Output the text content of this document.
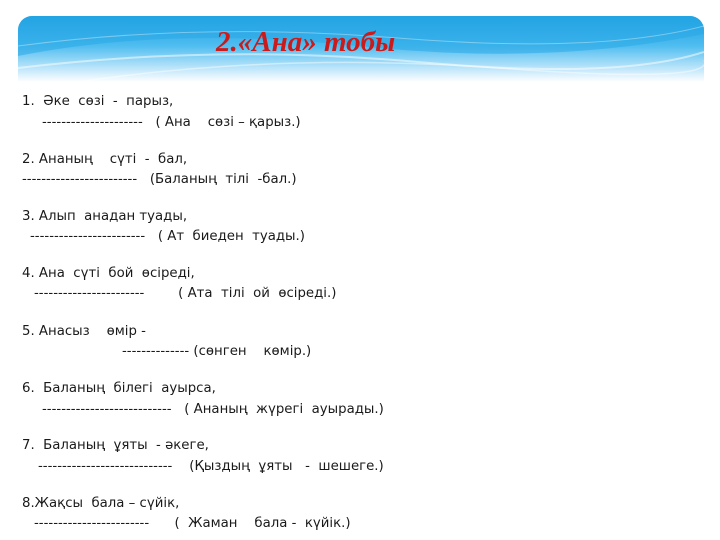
2.«Ана» тобы
1.  Әке  сөзі  -  парыз,
---------------------   ( Ана    сөзі – қарыз.)
2. Ананың    сүті  -  бал,
------------------------   (Баланың  тілі  -бал.)
3. Алып  анадан туады,
------------------------   ( Ат  биеден  туады.)
4. Ана  сүті  бой  өсіреді,
-----------------------        ( Ата  тілі  ой  өсіреді.)
5. Анасыз    өмір -
-------------- (сөнген    көмір.)
6.  Баланың  білегі  ауырса,
---------------------------   ( Ананың  жүрегі  ауырады.)
7.  Баланың  ұяты  - әкеге,
----------------------------    (Қыздың  ұяты   -  шешеге.)
8.Жақсы  бала – сүйік,
------------------------      (  Жаман    бала -  күйік.)
